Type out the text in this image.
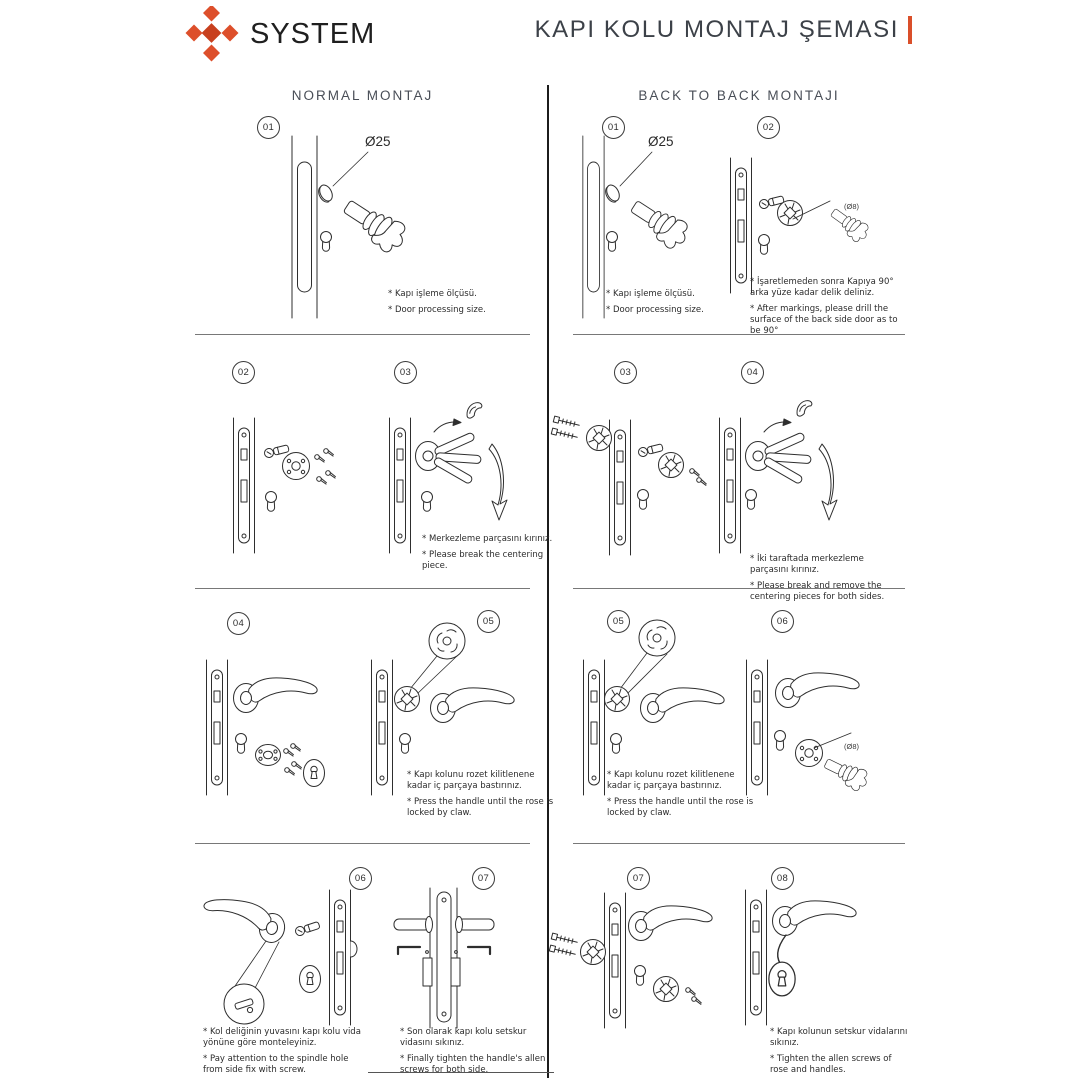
SYSTEM	KAPI KOLU MONTAJ ŞEMASI
NORMAL MONTAJ	BACK TO BACK MONTAJI
01
02	03
04	05
06	07
01	02
03	04
05	06
07	08
Ø25	Ø25
(Ø8)
(Ø8)
* Kapı işleme ölçüsü.
* Door processing size.
* Kapı işleme ölçüsü.
* Door processing size.
* İşaretlemeden sonra Kapıya 90° arka yüze kadar delik deliniz.
* After markings, please drill the surface of the back side door as to be 90°
* Merkezleme parçasını kırınız.
* Please break the centering piece.
* İki taraftada merkezleme parçasını kırınız.
* Please break and remove the centering pieces for both sides.
* Kapı kolunu rozet kilitlenene kadar iç parçaya bastırınız.
* Press the handle until the rose is locked by claw.
* Kapı kolunu rozet kilitlenene kadar iç parçaya bastırınız.
* Press the handle until the rose is locked by claw.
* Kol deliğinin yuvasını kapı kolu vida yönüne göre monteleyiniz.
* Pay attention to the spindle hole from side fix with screw.
* Son olarak kapı kolu setskur vidasını sıkınız.
* Finally tighten the handle's allen screws for both side.
* Kapı kolunun setskur vidalarını sıkınız.
* Tighten the allen screws of rose and handles.
